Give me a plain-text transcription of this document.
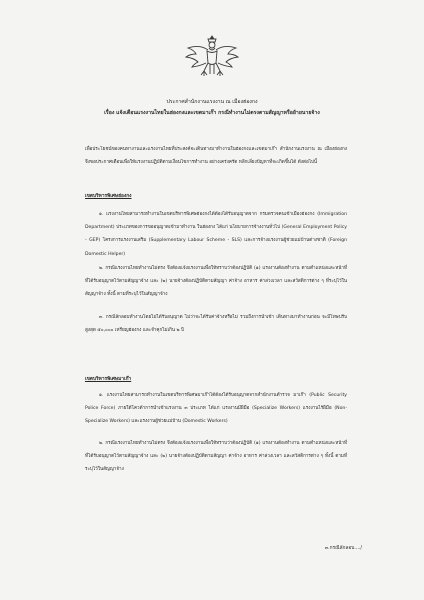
ประกาศสำนักงานแรงงาน ณ เมืองฮ่องกง
เรื่อง แจ้งเตือนแรงงานไทยในฮ่องกงและเขตมาเก๊า กรณีทำงานไม่ตรงตามสัญญาหรือย้ายนายจ้าง
เพื่อประโยชน์ของคนหางานและแรงงานไทยที่ประสงค์จะเดินทางมาทำงานในฮ่องกงและเขตมาเก๊า สำนักงานแรงงาน ณ เมืองฮ่องกง จึงขอประกาศเตือนเพื่อให้แรงงานปฏิบัติตามเงื่อนไขการทำงาน อย่างเคร่งครัด หลีกเลี่ยงปัญหาที่จะเกิดขึ้นได้ ดังต่อไปนี้
เขตบริหารพิเศษฮ่องกง
๑. แรงงานไทยสามารถทำงานในเขตบริหารพิเศษฮ่องกงได้ต้องได้รับอนุญาตจาก กรมตรวจคนเข้าเมืองฮ่องกง (Immigration Department) ประเภทของการขออนุญาตเข้ามาทำงาน ในฮ่องกง ได้แก่ นโยบายการจ้างงานทั่วไป (General Employment Policy - GEP) โครงการแรงงานเสริม (Supplementary Labour Scheme - SLS) และการจ้างแรงงานผู้ช่วยแม่บ้านต่างชาติ (Foreign Domestic Helper)
๒. กรณีแรงงานไทยทำงานไม่ตรง จึงต้องแจ้งแรงงานเพื่อให้ทราบว่าต้องปฏิบัติ (๑) แรงงานต้องทำงาน ตามตำแหน่งและหน้าที่ที่ได้รับอนุญาตไว้ตามสัญญาจ้าง และ (๒) นายจ้างต้องปฏิบัติตามสัญญา ค่าจ้าง อาหาร ค่าล่วงเวลา และสวัสดิการต่าง ๆ ที่ระบุไว้ในสัญญาจ้าง ทั้งนี้ ตามที่ระบุไว้ในสัญญาจ้าง
๓. กรณีลักลอบทำงานโดยไม่ได้รับอนุญาต ไม่ว่าจะได้รับค่าจ้างหรือไม่ รวมถึงการนำเข้า เดินทางมาทำงานก่อน จะมีโทษปรับสูงสุด ๕๐,๐๐๐ เหรียญฮ่องกง และจำคุกไม่เกิน ๒ ปี
เขตบริหารพิเศษมาเก๊า
๑. แรงงานไทยสามารถทำงานในเขตบริหารพิเศษมาเก๊าได้ต้องได้รับอนุญาตจากสำนักงานตำรวจ มาเก๊า (Public Security Police Force) ภายใต้โควต้าการนำเข้าแรงงาน ๓ ประเภท ได้แก่ แรงงานมีฝีมือ (Specialize Workers) แรงงานไร้ฝีมือ (Non-Specialize Workers) และแรงงานผู้ช่วยแม่บ้าน (Domestic Workers)
๒. กรณีแรงงานไทยทำงานไม่ตรง จึงต้องแจ้งแรงงานเพื่อให้ทราบว่าต้องปฏิบัติ (๑) แรงงานต้องทำงาน ตามตำแหน่งและหน้าที่ที่ได้รับอนุญาตไว้ตามสัญญาจ้าง และ (๒) นายจ้างต้องปฏิบัติตามสัญญา ค่าจ้าง อาหาร ค่าล่วงเวลา และสวัสดิการต่าง ๆ ทั้งนี้ ตามที่ระบุไว้ในสัญญาจ้าง
๓.กรณีลักลอบ..../
